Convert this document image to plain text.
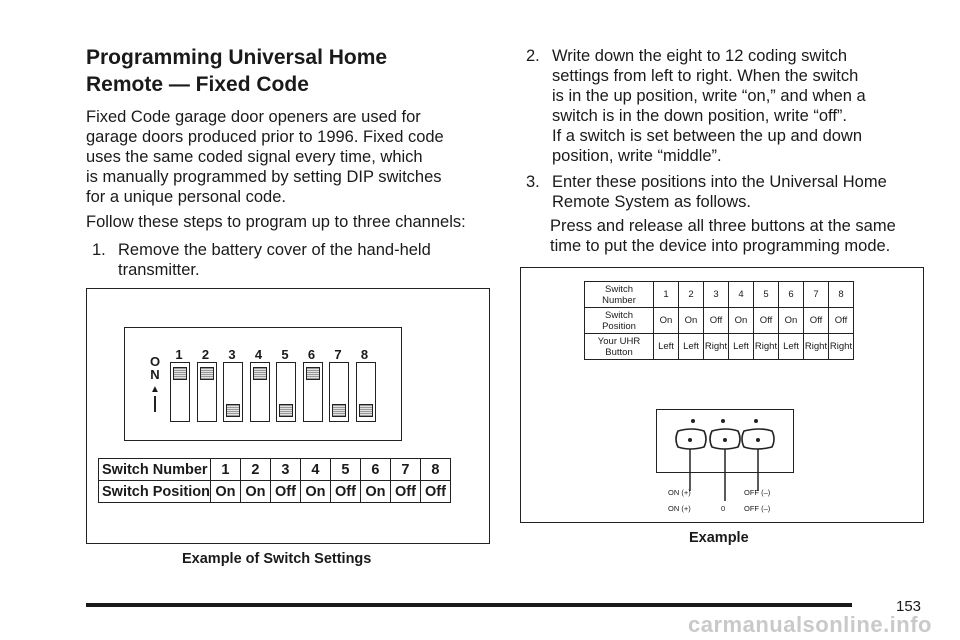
Programming Universal Home
Remote — Fixed Code
Fixed Code garage door openers are used for
garage doors produced prior to 1996. Fixed code
uses the same coded signal every time, which
is manually programmed by setting DIP switches
for a unique personal code.
Follow these steps to program up to three channels:
1. Remove the battery cover of the hand-held
transmitter.
2. Write down the eight to 12 coding switch
settings from left to right. When the switch
is in the up position, write “on,” and when a
switch is in the down position, write “off”.
If a switch is set between the up and down
position, write “middle”.
3. Enter these positions into the Universal Home
Remote System as follows.
Press and release all three buttons at the same
time to put the device into programming mode.
O
N
▲

1	2	3	4	5	6	7	8
Switch Number	1	2	3	4	5	6	7	8
Switch Position	On	On	Off	On	Off	On	Off	Off
Example of Switch Settings
Switch
Number	1	2	3	4	5	6	7	8
Switch
Position	On	On	Off	On	Off	On	Off	Off
Your UHR
Button	Left	Left	Right	Left	Right	Left	Right	Right
ON (+)	OFF (–)
ON (+)	0	OFF (–)
Example
153
carmanualsonline.info
